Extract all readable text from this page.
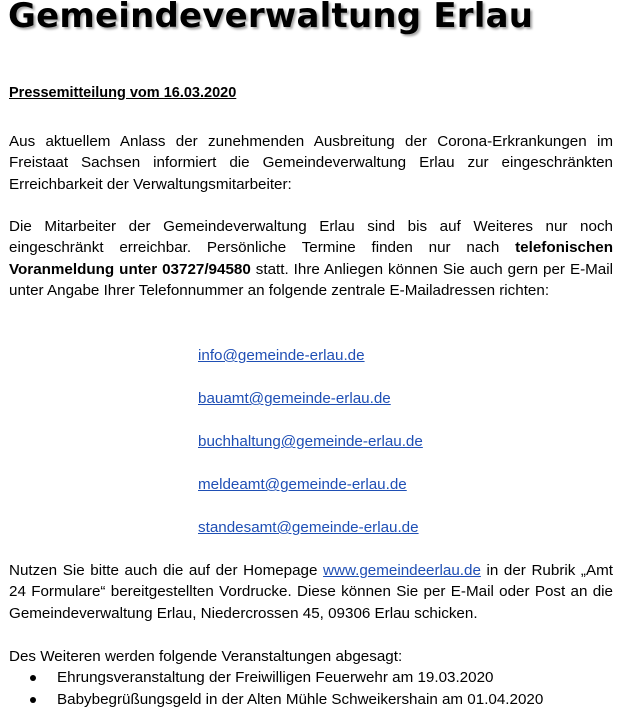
Gemeindeverwaltung Erlau

Pressemitteilung vom 16.03.2020

Aus aktuellem Anlass der zunehmenden Ausbreitung der Corona-Erkrankungen im Freistaat Sachsen informiert die Gemeindeverwaltung Erlau zur eingeschränkten Erreichbarkeit der Verwaltungsmitarbeiter:

Die Mitarbeiter der Gemeindeverwaltung Erlau sind bis auf Weiteres nur noch eingeschränkt erreichbar. Persönliche Termine finden nur nach telefonischen Voranmeldung unter 03727/94580 statt. Ihre Anliegen können Sie auch gern per E-Mail unter Angabe Ihrer Telefonnummer an folgende zentrale E-Mailadressen richten:

info@gemeinde-erlau.de

bauamt@gemeinde-erlau.de

buchhaltung@gemeinde-erlau.de

meldeamt@gemeinde-erlau.de

standesamt@gemeinde-erlau.de

Nutzen Sie bitte auch die auf der Homepage www.gemeindeerlau.de in der Rubrik „Amt 24 Formulare“ bereitgestellten Vordrucke. Diese können Sie per E-Mail oder Post an die Gemeindeverwaltung Erlau, Niedercrossen 45, 09306 Erlau schicken.

Des Weiteren werden folgende Veranstaltungen abgesagt:

Ehrungsveranstaltung der Freiwilligen Feuerwehr am 19.03.2020
Babybegrüßungsgeld in der Alten Mühle Schweikershain am 01.04.2020
